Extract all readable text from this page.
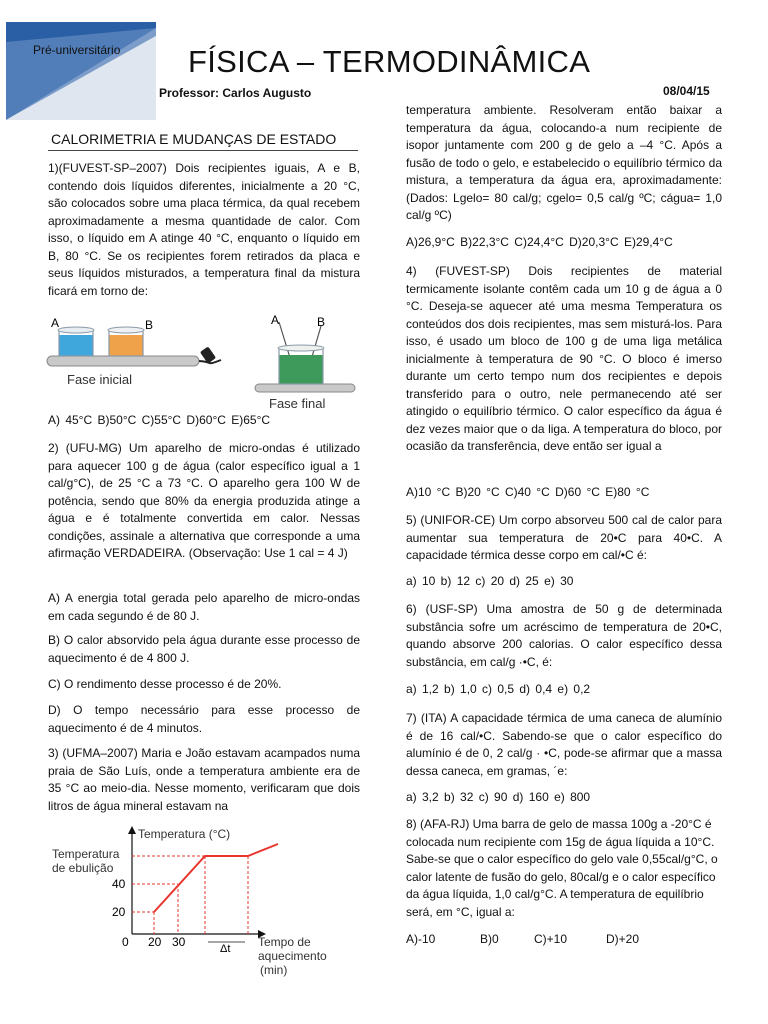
Pré-universitário FÍSICA – TERMODINÂMICA
Professor: Carlos Augusto	08/04/15
CALORIMETRIA E MUDANÇAS DE ESTADO
1)(FUVEST-SP–2007) Dois recipientes iguais, A e B, contendo dois líquidos diferentes, inicialmente a 20 °C, são colocados sobre uma placa térmica, da qual recebem aproximadamente a mesma quantidade de calor. Com isso, o líquido em A atinge 40 °C, enquanto o líquido em B, 80 °C. Se os recipientes forem retirados da placa e seus líquidos misturados, a temperatura final da mistura ficará em torno de:
A	B
Fase inicial
A	B
Fase final
A) 45°C B)50°C C)55°C D)60°C E)65°C
2) (UFU-MG) Um aparelho de micro-ondas é utilizado para aquecer 100 g de água (calor específico igual a 1 cal/g°C), de 25 °C a 73 °C. O aparelho gera 100 W de potência, sendo que 80% da energia produzida atinge a água e é totalmente convertida em calor. Nessas condições, assinale a alternativa que corresponde a uma afirmação VERDADEIRA. (Observação: Use 1 cal = 4 J)
A) A energia total gerada pelo aparelho de micro-ondas em cada segundo é de 80 J.
B) O calor absorvido pela água durante esse processo de aquecimento é de 4 800 J.
C) O rendimento desse processo é de 20%.
D) O tempo necessário para esse processo de aquecimento é de 4 minutos.
3) (UFMA–2007) Maria e João estavam acampados numa praia de São Luís, onde a temperatura ambiente era de 35 °C ao meio-dia. Nesse momento, verificaram que dois litros de água mineral estavam na
Temperatura (°C)
Temperatura
de ebulição
40
20
0 20 30	Δt Tempo de
aquecimento
(min)
temperatura ambiente. Resolveram então baixar a temperatura da água, colocando-a num recipiente de isopor juntamente com 200 g de gelo a –4 °C. Após a fusão de todo o gelo, e estabelecido o equilíbrio térmico da mistura, a temperatura da água era, aproximadamente: (Dados: Lgelo= 80 cal/g; cgelo= 0,5 cal/g ºC; cágua= 1,0 cal/g ºC)
A)26,9°C B)22,3°C C)24,4°C D)20,3°C E)29,4°C
4) (FUVEST-SP) Dois recipientes de material termicamente isolante contêm cada um 10 g de água a 0 °C. Deseja-se aquecer até uma mesma Temperatura os conteúdos dos dois recipientes, mas sem misturá-los. Para isso, é usado um bloco de 100 g de uma liga metálica inicialmente à temperatura de 90 °C. O bloco é imerso durante um certo tempo num dos recipientes e depois transferido para o outro, nele permanecendo até ser atingido o equilíbrio térmico. O calor específico da água é dez vezes maior que o da liga. A temperatura do bloco, por ocasião da transferência, deve então ser igual a
A)10 °C B)20 °C C)40 °C D)60 °C E)80 °C
5) (UNIFOR-CE) Um corpo absorveu 500 cal de calor para aumentar sua temperatura de 20•C para 40•C. A capacidade térmica desse corpo em cal/•C é:
a) 10 b) 12 c) 20 d) 25 e) 30
6) (USF-SP) Uma amostra de 50 g de determinada substância sofre um acréscimo de temperatura de 20•C, quando absorve 200 calorias. O calor específico dessa substância, em cal/g ·•C, é:
a) 1,2 b) 1,0 c) 0,5 d) 0,4 e) 0,2
7) (ITA) A capacidade térmica de uma caneca de alumínio é de 16 cal/•C. Sabendo-se que o calor específico do alumínio é de 0, 2 cal/g · •C, pode-se afirmar que a massa dessa caneca, em gramas, ´e:
a) 3,2 b) 32 c) 90 d) 160 e) 800
8) (AFA-RJ) Uma barra de gelo de massa 100g a -20°C é colocada num recipiente com 15g de água líquida a 10°C. Sabe-se que o calor específico do gelo vale 0,55cal/g°C, o calor latente de fusão do gelo, 80cal/g e o calor específico da água líquida, 1,0 cal/g°C. A temperatura de equilíbrio será, em °C, igual a:
A)-10	B)0	C)+10	D)+20
